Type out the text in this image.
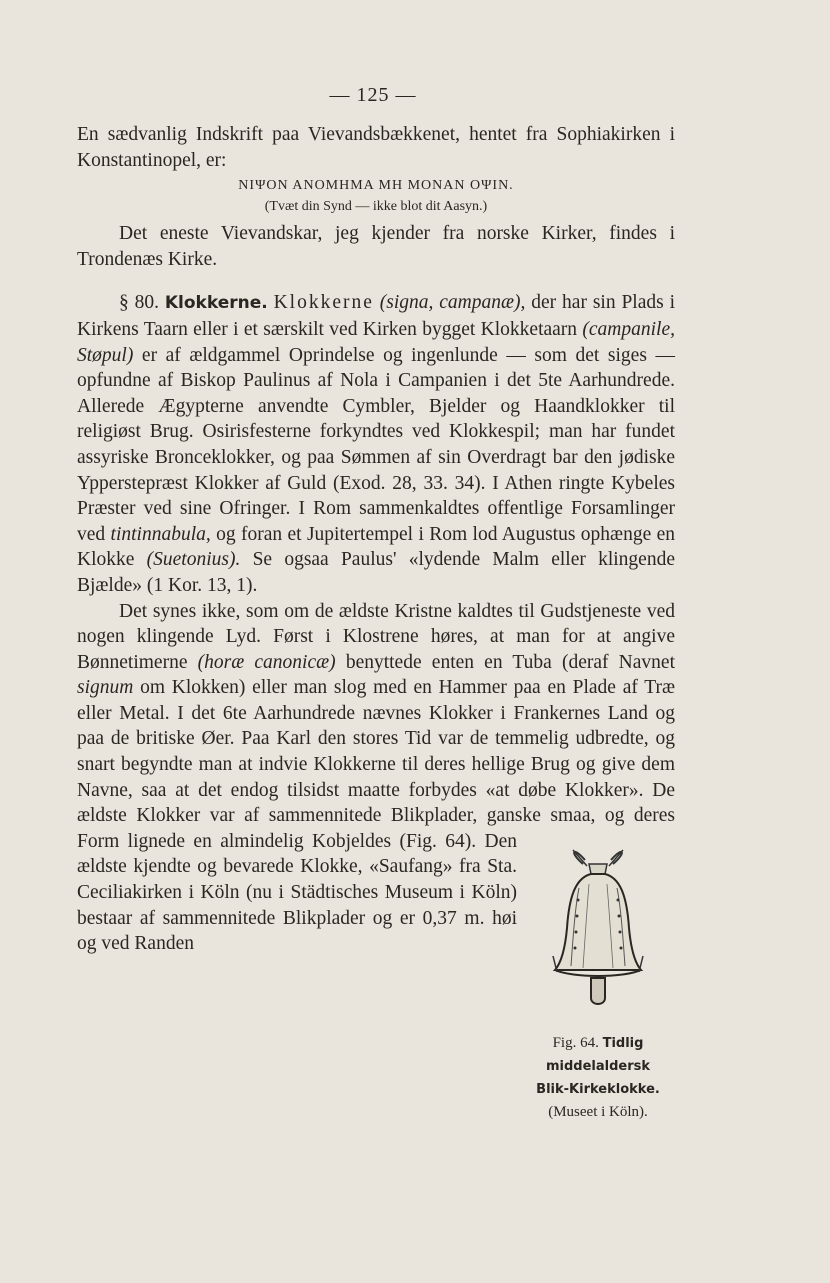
— 125 —

En sædvanlig Indskrift paa Vievandsbækkenet, hentet fra Sophiakirken i Konstantinopel, er:

ΝΙΨΟΝ ΑΝΟΜΗΜΑ ΜΗ ΜΟΝΑΝ ΟΨΙΝ.
(Tvæt din Synd — ikke blot dit Aasyn.)

Det eneste Vievandskar, jeg kjender fra norske Kirker, findes i Trondenæs Kirke.

§ 80. Klokkerne. Klokkerne (signa, campanæ), der har sin Plads i Kirkens Taarn eller i et særskilt ved Kirken bygget Klokketaarn (campanile, Støpul) er af ældgammel Oprindelse og ingenlunde — som det siges — opfundne af Biskop Paulinus af Nola i Campanien i det 5te Aarhundrede. Allerede Ægypterne anvendte Cymbler, Bjelder og Haandklokker til religiøst Brug. Osirisfesterne forkyndtes ved Klokkespil; man har fundet assyriske Bronceklokker, og paa Sømmen af sin Overdragt bar den jødiske Ypperstepræst Klokker af Guld (Exod. 28, 33. 34). I Athen ringte Kybeles Præster ved sine Ofringer. I Rom sammenkaldtes offentlige Forsamlinger ved tintinnabula, og foran et Jupitertempel i Rom lod Augustus ophænge en Klokke (Suetonius). Se ogsaa Paulus' «lydende Malm eller klingende Bjælde» (1 Kor. 13, 1).

Det synes ikke, som om de ældste Kristne kaldtes til Gudstjeneste ved nogen klingende Lyd. Først i Klostrene høres, at man for at angive Bønnetimerne (horæ canonicæ) benyttede enten en Tuba (deraf Navnet signum om Klokken) eller man slog med en Hammer paa en Plade af Træ eller Metal. I det 6te Aarhundrede nævnes Klokker i Frankernes Land og paa de britiske Øer. Paa Karl den stores Tid var de temmelig udbredte, og snart begyndte man at indvie Klokkerne til deres hellige Brug og give dem Navne, saa at det endog tilsidst maatte forbydes «at døbe Klokker». De ældste Klokker var af sammennitede Blikplader, ganske smaa, og deres Form lignede en almindelig Kobjeldes (Fig. 64). Den ældste kjendte og bevarede Klokke, «Saufang» fra Sta. Ceciliakirken i Köln (nu i Städtisches Museum i Köln) bestaar af sammennitede Blikplader og er 0,37 m. høi og ved Randen

Fig. 64. Tidlig middelaldersk
Blik-Kirkeklokke.
(Museet i Köln).
